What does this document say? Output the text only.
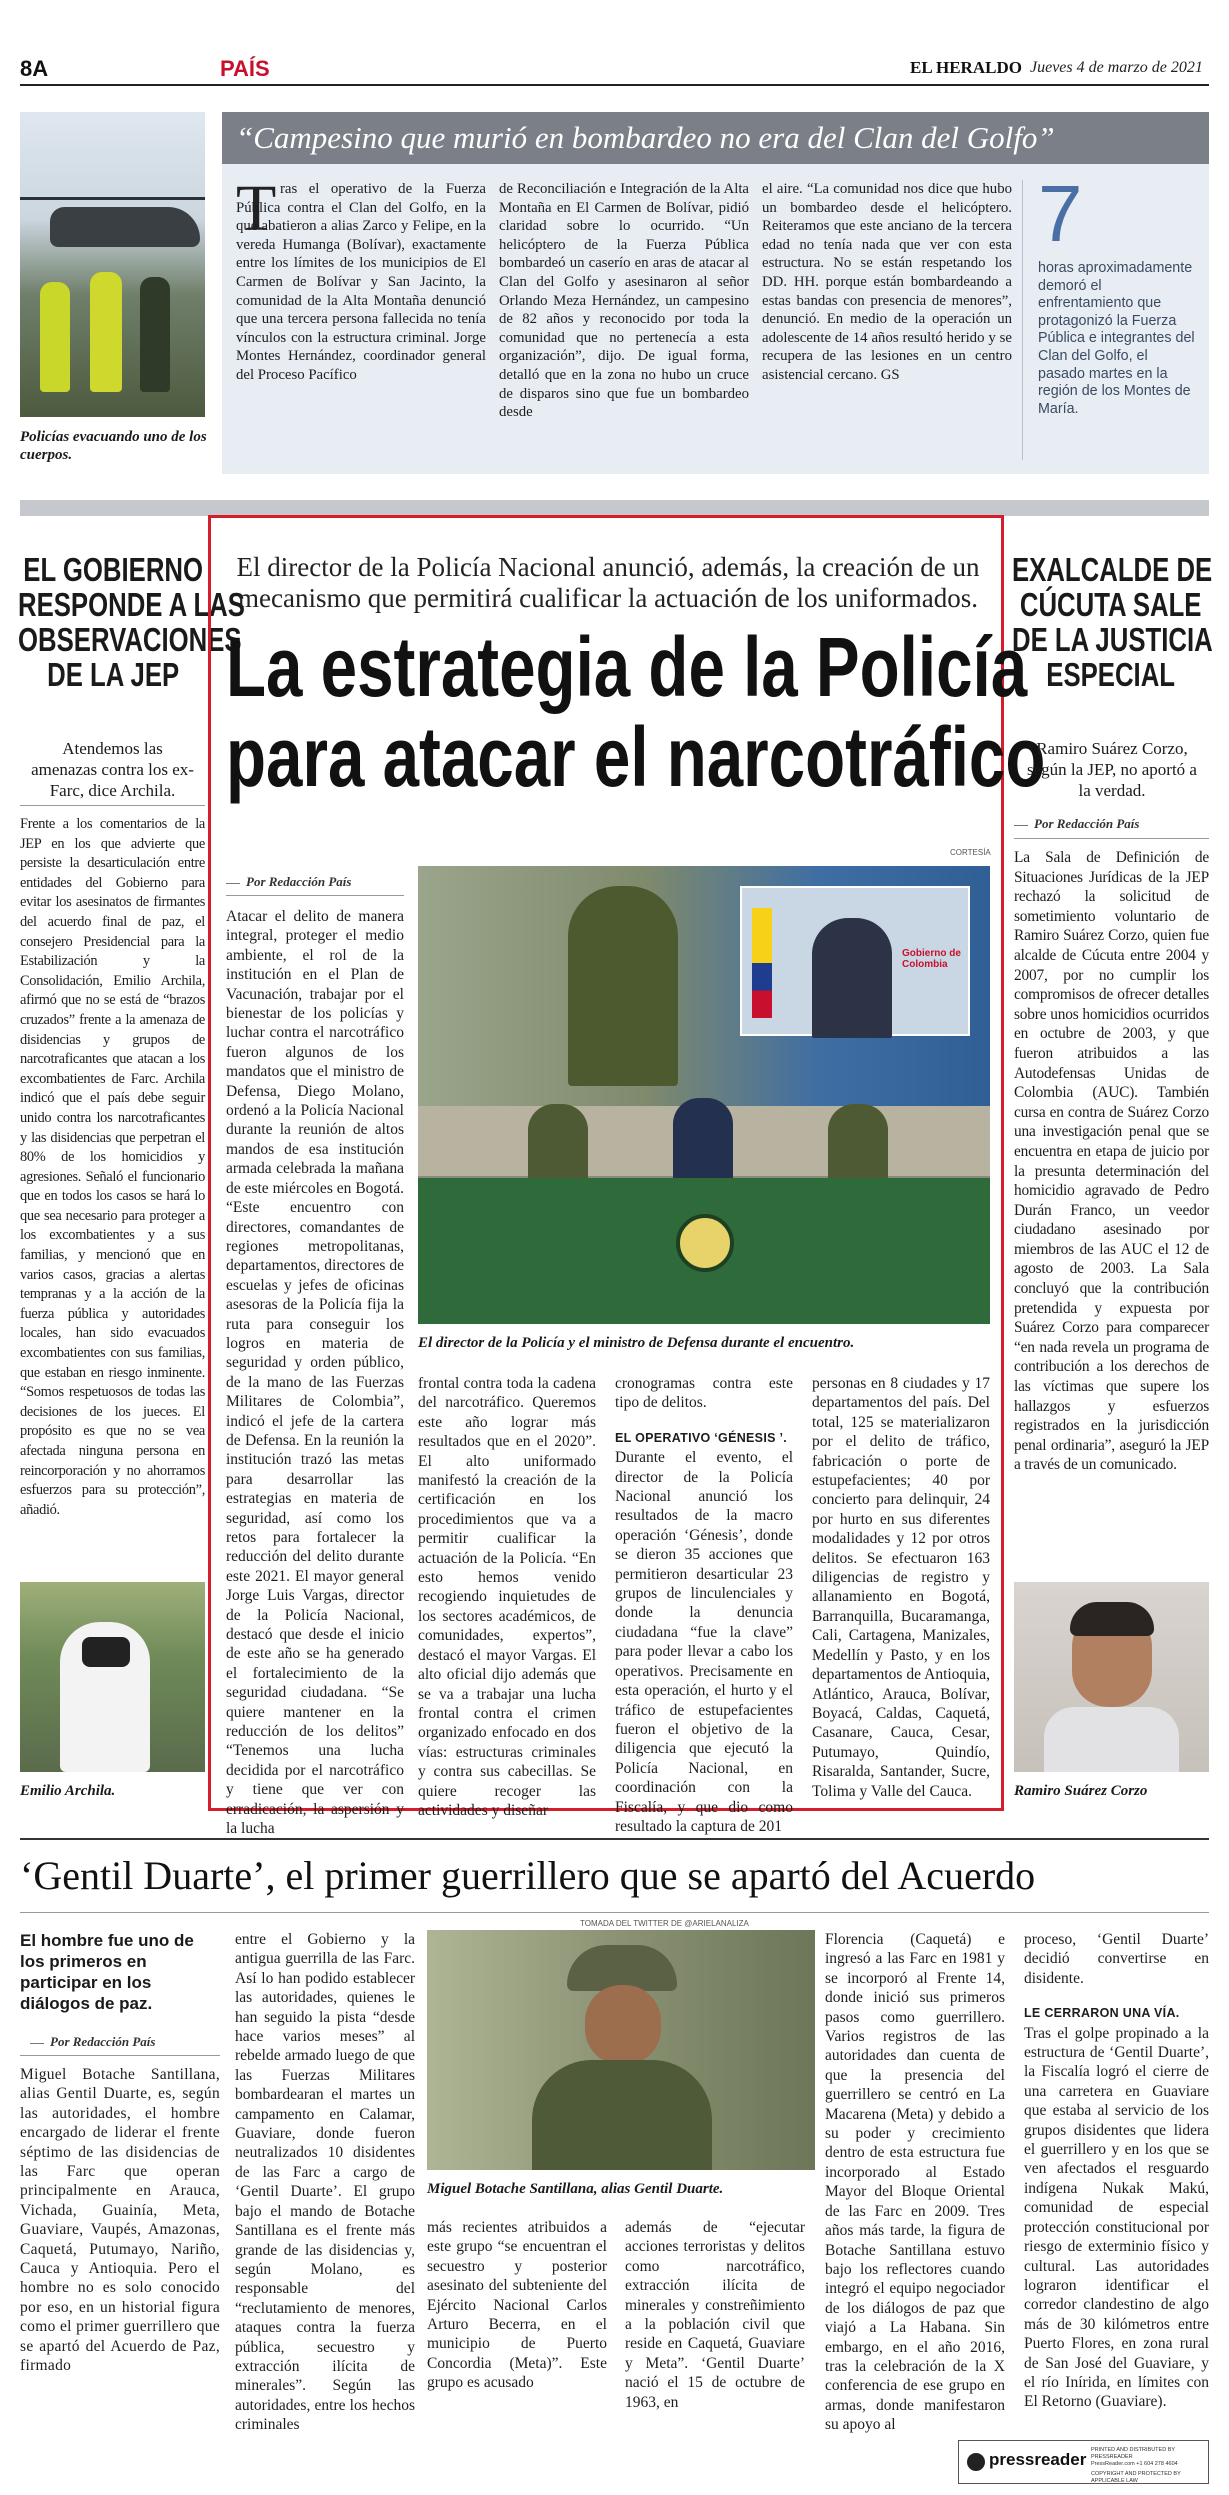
8A	PAÍS	EL HERALDO Jueves 4 de marzo de 2021
Policías evacuando uno de los cuerpos.
“Campesino que murió en bombardeo no era del Clan del Golfo”
T ras el operativo de la Fuerza Pública contra el Clan del Golfo, en la que abatieron a alias Zarco y Felipe, en la vereda Humanga (Bolívar), exactamente entre los límites de los municipios de El Carmen de Bolívar y San Jacinto, la comunidad de la Alta Montaña denunció que una tercera persona fallecida no tenía vínculos con la estructura criminal. Jorge Montes Hernández, coordinador general del Proceso Pacífico
de Reconciliación e Integración de la Alta Montaña en El Carmen de Bolívar, pidió claridad sobre lo ocurrido. “Un helicóptero de la Fuerza Pública bombardeó un caserío en aras de atacar al Clan del Golfo y asesinaron al señor Orlando Meza Hernández, un campesino de 82 años y reconocido por toda la comunidad que no pertenecía a esta organización”, dijo. De igual forma, detalló que en la zona no hubo un cruce de disparos sino que fue un bombardeo desde
el aire. “La comunidad nos dice que hubo un bombardeo desde el helicóptero. Reiteramos que este anciano de la tercera edad no tenía nada que ver con esta estructura. No se están respetando los DD. HH. porque están bombardeando a estas bandas con presencia de menores”, denunció. En medio de la operación un adolescente de 14 años resultó herido y se recupera de las lesiones en un centro asistencial cercano. GS
7
horas aproximadamente demoró el enfrentamiento que protagonizó la Fuerza Pública e integrantes del Clan del Golfo, el pasado martes en la región de los Montes de María.
EL GOBIERNO
RESPONDE A LAS
OBSERVACIONES
DE LA JEP
Atendemos las amenazas contra los ex-Farc, dice Archila.
Frente a los comentarios de la JEP en los que advierte que persiste la desarticulación entre entidades del Gobierno para evitar los asesinatos de firmantes del acuerdo final de paz, el consejero Presidencial para la Estabilización y la Consolidación, Emilio Archila, afirmó que no se está de “brazos cruzados” frente a la amenaza de disidencias y grupos de narcotraficantes que atacan a los excombatientes de Farc. Archila indicó que el país debe seguir unido contra los narcotraficantes y las disidencias que perpetran el 80% de los homicidios y agresiones. Señaló el funcionario que en todos los casos se hará lo que sea necesario para proteger a los excombatientes y a sus familias, y mencionó que en varios casos, gracias a alertas tempranas y a la acción de la fuerza pública y autoridades locales, han sido evacuados excombatientes con sus familias, que estaban en riesgo inminente. “Somos respetuosos de todas las decisiones de los jueces. El propósito es que no se vea afectada ninguna persona en reincorporación y no ahorramos esfuerzos para su protección”, añadió.
Emilio Archila.
El director de la Policía Nacional anunció, además, la creación de un mecanismo que permitirá cualificar la actuación de los uniformados.
La estrategia de la Policía
para atacar el narcotráfico
CORTESÍA
Por Redacción País
Gobierno de Colombia
El director de la Policía y el ministro de Defensa durante el encuentro.
Atacar el delito de manera integral, proteger el medio ambiente, el rol de la institución en el Plan de Vacunación, trabajar por el bienestar de los policías y luchar contra el narcotráfico fueron algunos de los mandatos que el ministro de Defensa, Diego Molano, ordenó a la Policía Nacional durante la reunión de altos mandos de esa institución armada celebrada la mañana de este miércoles en Bogotá. “Este encuentro con directores, comandantes de regiones metropolitanas, departamentos, directores de escuelas y jefes de oficinas asesoras de la Policía fija la ruta para conseguir los logros en materia de seguridad y orden público, de la mano de las Fuerzas Militares de Colombia”, indicó el jefe de la cartera de Defensa. En la reunión la institución trazó las metas para desarrollar las estrategias en materia de seguridad, así como los retos para fortalecer la reducción del delito durante este 2021. El mayor general Jorge Luis Vargas, director de la Policía Nacional, destacó que desde el inicio de este año se ha generado el fortalecimiento de la seguridad ciudadana. “Se quiere mantener en la reducción de los delitos” “Tenemos una lucha decidida por el narcotráfico y tiene que ver con erradicación, la aspersión y la lucha
frontal contra toda la cadena del narcotráfico. Queremos este año lograr más resultados que en el 2020”. El alto uniformado manifestó la creación de la certificación en los procedimientos que va a permitir cualificar la actuación de la Policía. “En esto hemos venido recogiendo inquietudes de los sectores académicos, de comunidades, expertos”, destacó el mayor Vargas. El alto oficial dijo además que se va a trabajar una lucha frontal contra el crimen organizado enfocado en dos vías: estructuras criminales y contra sus cabecillas. Se quiere recoger las actividades y diseñar
cronogramas contra este tipo de delitos.
EL OPERATIVO ‘GÉNESIS ’.
Durante el evento, el director de la Policía Nacional anunció los resultados de la macro operación ‘Génesis’, donde se dieron 35 acciones que permitieron desarticular 23 grupos de linculenciales y donde la denuncia ciudadana “fue la clave” para poder llevar a cabo los operativos. Precisamente en esta operación, el hurto y el tráfico de estupefacientes fueron el objetivo de la diligencia que ejecutó la Policía Nacional, en coordinación con la Fiscalía, y que dio como resultado la captura de 201
personas en 8 ciudades y 17 departamentos del país. Del total, 125 se materializaron por el delito de tráfico, fabricación o porte de estupefacientes; 40 por concierto para delinquir, 24 por hurto en sus diferentes modalidades y 12 por otros delitos. Se efectuaron 163 diligencias de registro y allanamiento en Bogotá, Barranquilla, Bucaramanga, Cali, Cartagena, Manizales, Medellín y Pasto, y en los departamentos de Antioquia, Atlántico, Arauca, Bolívar, Boyacá, Caldas, Caquetá, Casanare, Cauca, Cesar, Putumayo, Quindío, Risaralda, Santander, Sucre, Tolima y Valle del Cauca.
EXALCALDE DE
CÚCUTA SALE
DE LA JUSTICIA
ESPECIAL
Ramiro Suárez Corzo, según la JEP, no aportó a la verdad.
Por Redacción País
La Sala de Definición de Situaciones Jurídicas de la JEP rechazó la solicitud de sometimiento voluntario de Ramiro Suárez Corzo, quien fue alcalde de Cúcuta entre 2004 y 2007, por no cumplir los compromisos de ofrecer detalles sobre unos homicidios ocurridos en octubre de 2003, y que fueron atribuidos a las Autodefensas Unidas de Colombia (AUC). También cursa en contra de Suárez Corzo una investigación penal que se encuentra en etapa de juicio por la presunta determinación del homicidio agravado de Pedro Durán Franco, un veedor ciudadano asesinado por miembros de las AUC el 12 de agosto de 2003. La Sala concluyó que la contribución pretendida y expuesta por Suárez Corzo para comparecer “en nada revela un programa de contribución a los derechos de las víctimas que supere los hallazgos y esfuerzos registrados en la jurisdicción penal ordinaria”, aseguró la JEP a través de un comunicado.
Ramiro Suárez Corzo
‘Gentil Duarte’, el primer guerrillero que se apartó del Acuerdo
El hombre fue uno de los primeros en participar en los diálogos de paz.
Por Redacción País
Miguel Botache Santillana, alias Gentil Duarte, es, según las autoridades, el hombre encargado de liderar el frente séptimo de las disidencias de las Farc que operan principalmente en Arauca, Vichada, Guainía, Meta, Guaviare, Vaupés, Amazonas, Caquetá, Putumayo, Nariño, Cauca y Antioquia. Pero el hombre no es solo conocido por eso, en un historial figura como el primer guerrillero que se apartó del Acuerdo de Paz, firmado
entre el Gobierno y la antigua guerrilla de las Farc. Así lo han podido establecer las autoridades, quienes le han seguido la pista “desde hace varios meses” al rebelde armado luego de que las Fuerzas Militares bombardearan el martes un campamento en Calamar, Guaviare, donde fueron neutralizados 10 disidentes de las Farc a cargo de ‘Gentil Duarte’. El grupo bajo el mando de Botache Santillana es el frente más grande de las disidencias y, según Molano, es responsable del “reclutamiento de menores, ataques contra la fuerza pública, secuestro y extracción ilícita de minerales”. Según las autoridades, entre los hechos criminales
TOMADA DEL TWITTER DE @ARIELANALIZA
Miguel Botache Santillana, alias Gentil Duarte.
más recientes atribuidos a este grupo “se encuentran el secuestro y posterior asesinato del subteniente del Ejército Nacional Carlos Arturo Becerra, en el municipio de Puerto Concordia (Meta)”. Este grupo es acusado
además de “ejecutar acciones terroristas y delitos como narcotráfico, extracción ilícita de minerales y constreñimiento a la población civil que reside en Caquetá, Guaviare y Meta”. ‘Gentil Duarte’ nació el 15 de octubre de 1963, en
Florencia (Caquetá) e ingresó a las Farc en 1981 y se incorporó al Frente 14, donde inició sus primeros pasos como guerrillero. Varios registros de las autoridades dan cuenta de que la presencia del guerrillero se centró en La Macarena (Meta) y debido a su poder y crecimiento dentro de esta estructura fue incorporado al Estado Mayor del Bloque Oriental de las Farc en 2009. Tres años más tarde, la figura de Botache Santillana estuvo bajo los reflectores cuando integró el equipo negociador de los diálogos de paz que viajó a La Habana. Sin embargo, en el año 2016, tras la celebración de la X conferencia de ese grupo en armas, donde manifestaron su apoyo al
proceso, ‘Gentil Duarte’ decidió convertirse en disidente.
LE CERRARON UNA VÍA.
Tras el golpe propinado a la estructura de ‘Gentil Duarte’, la Fiscalía logró el cierre de una carretera en Guaviare que estaba al servicio de los grupos disidentes que lidera el guerrillero y en los que se ven afectados el resguardo indígena Nukak Makú, comunidad de especial protección constitucional por riesgo de exterminio físico y cultural. Las autoridades lograron identificar el corredor clandestino de algo más de 30 kilómetros entre Puerto Flores, en zona rural de San José del Guaviare, y el río Inírida, en límites con El Retorno (Guaviare).
pressreader PRINTED AND DISTRIBUTED BY PRESSREADER
PressReader.com +1 604 278 4604
COPYRIGHT AND PROTECTED BY APPLICABLE LAW
